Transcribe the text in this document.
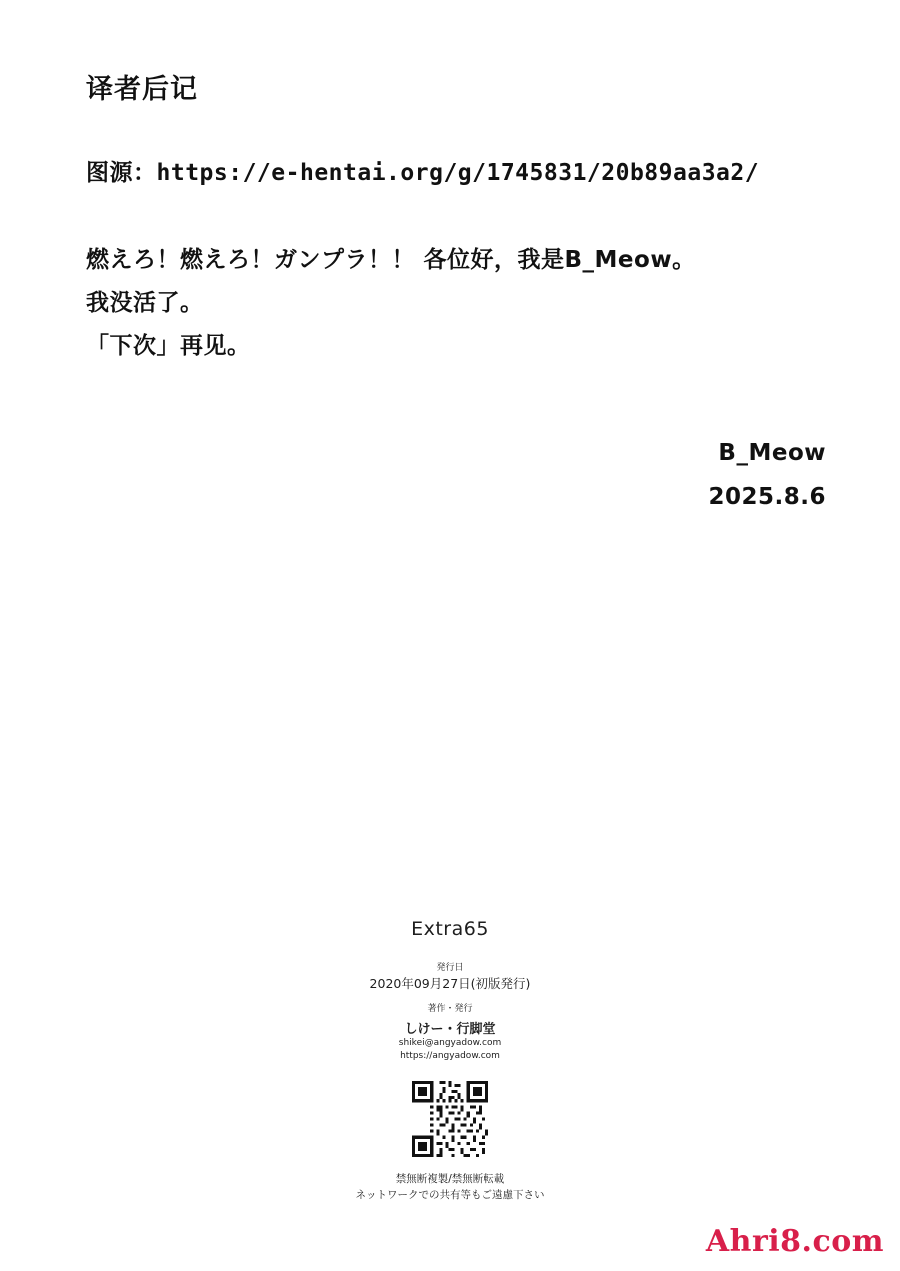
译者后记

图源：https://e-hentai.org/g/1745831/20b89aa3a2/

燃えろ！燃えろ！ガンプラ！！ 各位好，我是B_Meow。

我没活了。

「下次」再见。

B_Meow

2025.8.6

Extra65

発行日

2020年09月27日(初版発行)

著作・発行

しけー・行脚堂

shikei@angyadow.com

https://angyadow.com

禁無断複製/禁無断転載

ネットワークでの共有等もご遠慮下さい

Ahri8.com
